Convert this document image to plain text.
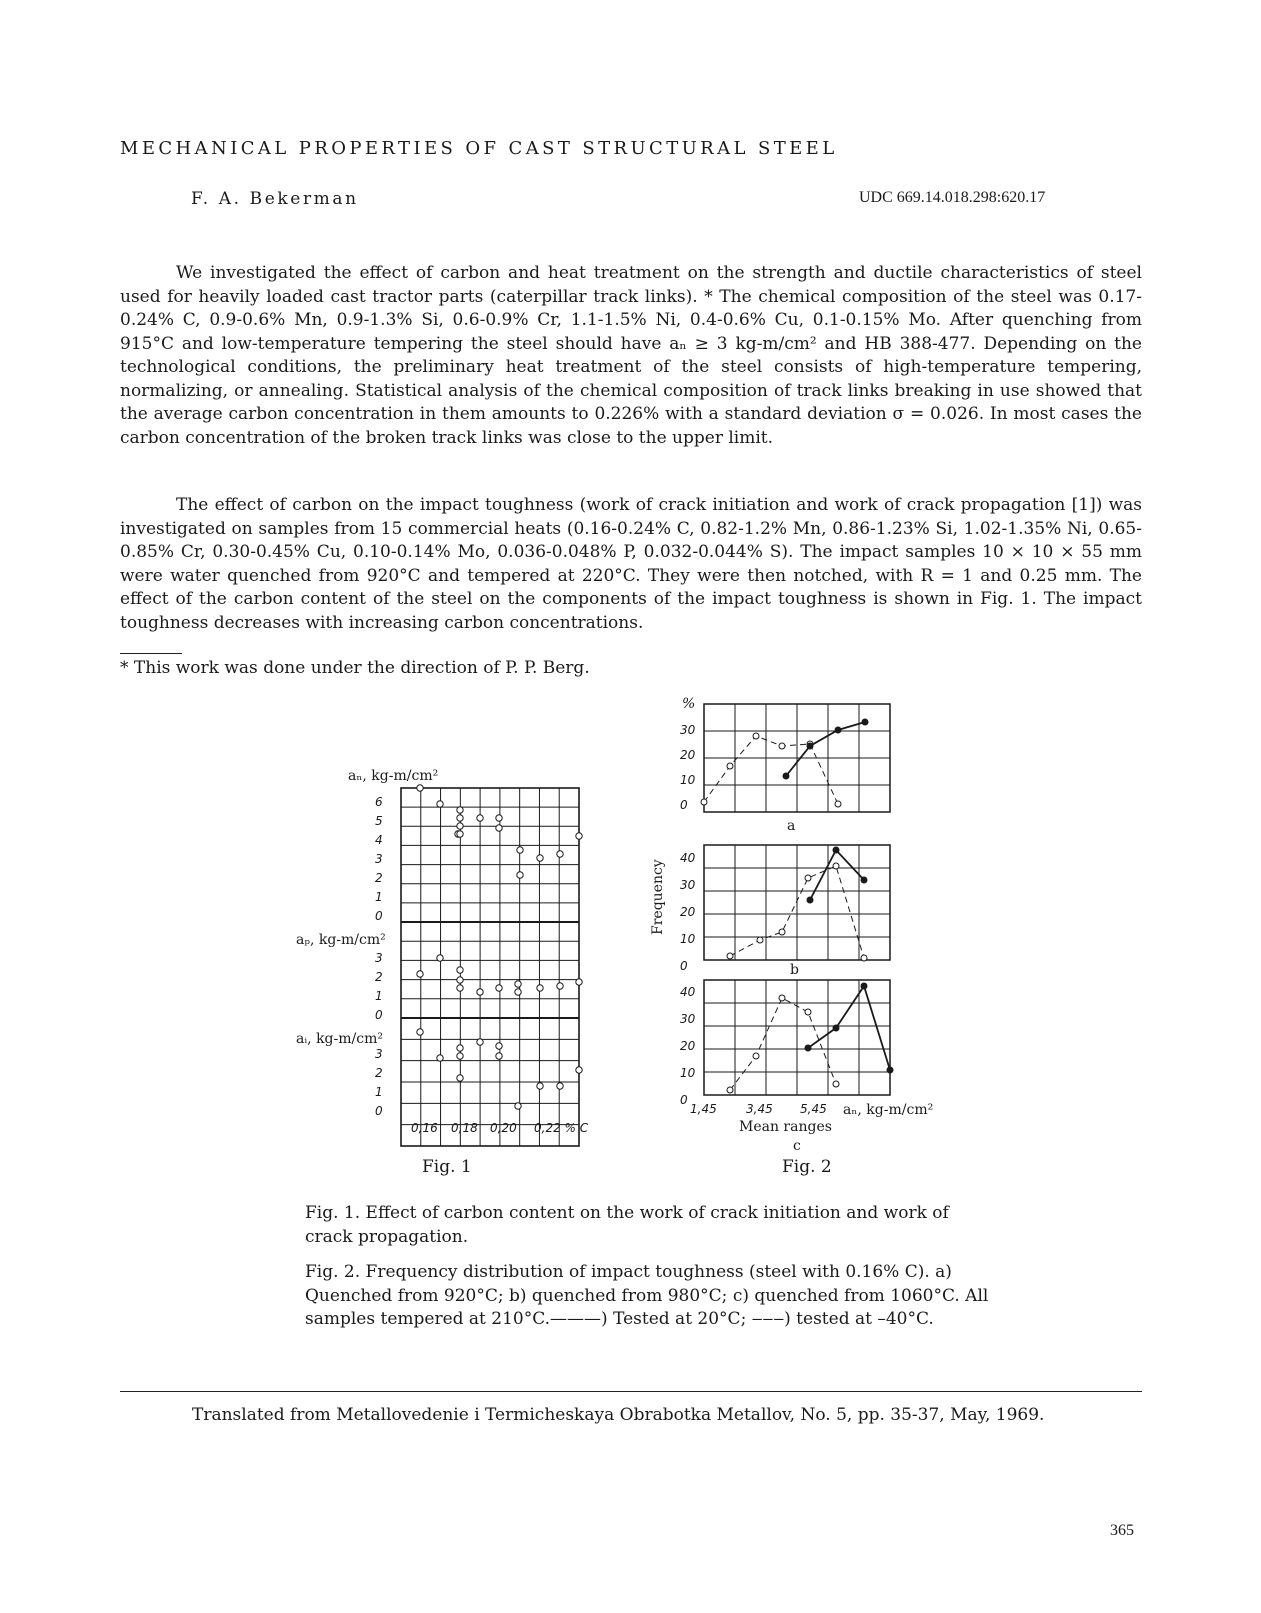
MECHANICAL PROPERTIES OF CAST STRUCTURAL STEEL
F. A. Bekerman	UDC 669.14.018.298:620.17

We investigated the effect of carbon and heat treatment on the strength and ductile characteristics of steel used for heavily loaded cast tractor parts (caterpillar track links). * The chemical composition of the steel was 0.17-0.24% C, 0.9-0.6% Mn, 0.9-1.3% Si, 0.6-0.9% Cr, 1.1-1.5% Ni, 0.4-0.6% Cu, 0.1-0.15% Mo. After quenching from 915°C and low-temperature tempering the steel should have aₙ ≥ 3 kg-m/cm² and HB 388-477. Depending on the technological conditions, the preliminary heat treatment of the steel consists of high-temperature tempering, normalizing, or annealing. Statistical analysis of the chemical composition of track links breaking in use showed that the average carbon concentration in them amounts to 0.226% with a standard deviation σ = 0.026. In most cases the carbon concentration of the broken track links was close to the upper limit.

The effect of carbon on the impact toughness (work of crack initiation and work of crack propagation [1]) was investigated on samples from 15 commercial heats (0.16-0.24% C, 0.82-1.2% Mn, 0.86-1.23% Si, 1.02-1.35% Ni, 0.65-0.85% Cr, 0.30-0.45% Cu, 0.10-0.14% Mo, 0.036-0.048% P, 0.032-0.044% S). The impact samples 10 × 10 × 55 mm were water quenched from 920°C and tempered at 220°C. They were then notched, with R = 1 and 0.25 mm. The effect of the carbon content of the steel on the components of the impact toughness is shown in Fig. 1. The impact toughness decreases with increasing carbon concentrations.

* This work was done under the direction of P. P. Berg.
aₙ, kg-m/cm²
aₚ, kg-m/cm²
aᵢ, kg-m/cm²
6
5
4
3
2
1
0
3
2
1
0
3
2
1
0
0,16 0,18 0,20 0,22 % C
Fig. 1
%
Frequency
a
b
c
Mean ranges
aₙ, kg-m/cm²
30
20
10
0
40
30
20
10
0
40
30
20
10
0
1,45 3,45 5,45
Fig. 2

Fig. 1. Effect of carbon content on the work of crack initiation and work of crack propagation.

Fig. 2. Frequency distribution of impact toughness (steel with 0.16% C). a) Quenched from 920°C; b) quenched from 980°C; c) quenched from 1060°C. All samples tempered at 210°C.———) Tested at 20°C; ‒‒‒) tested at –40°C.

Translated from Metallovedenie i Termicheskaya Obrabotka Metallov, No. 5, pp. 35-37, May, 1969.
365
